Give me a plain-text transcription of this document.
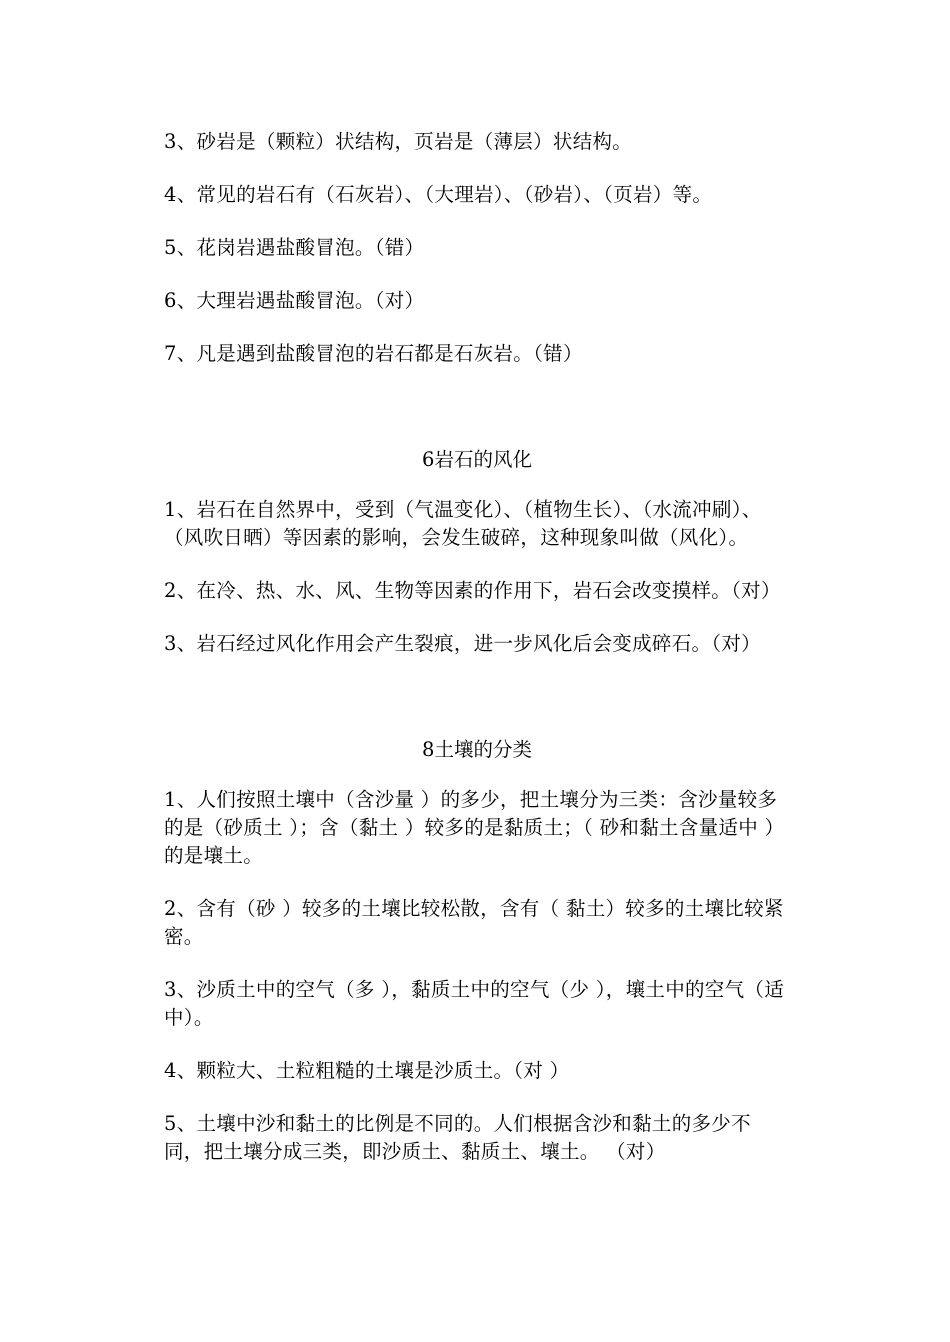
3、砂岩是（颗粒）状结构，页岩是（薄层）状结构。

4、常见的岩石有（石灰岩）、（大理岩）、（砂岩）、（页岩）等。

5、花岗岩遇盐酸冒泡。（错）

6、大理岩遇盐酸冒泡。（对）

7、凡是遇到盐酸冒泡的岩石都是石灰岩。（错）

6岩石的风化

1、岩石在自然界中，受到（气温变化）、（植物生长）、（水流冲刷）、（风吹日晒）等因素的影响，会发生破碎，这种现象叫做（风化）。

2、在冷、热、水、风、生物等因素的作用下，岩石会改变摸样。（对）

3、岩石经过风化作用会产生裂痕，进一步风化后会变成碎石。（对）

8土壤的分类

1、人们按照土壤中（含沙量 ）的多少，把土壤分为三类：含沙量较多的是（砂质土 ）；含（黏土 ）较多的是黏质土；（ 砂和黏土含量适中 ）的是壤土。

2、含有（砂 ）较多的土壤比较松散，含有（ 黏土）较多的土壤比较紧密。

3、沙质土中的空气（多 ），黏质土中的空气（少 ），壤土中的空气（适中）。

4、颗粒大、土粒粗糙的土壤是沙质土。（对 ）

5、土壤中沙和黏土的比例是不同的。人们根据含沙和黏土的多少不同，把土壤分成三类，即沙质土、黏质土、壤土。 （对）
